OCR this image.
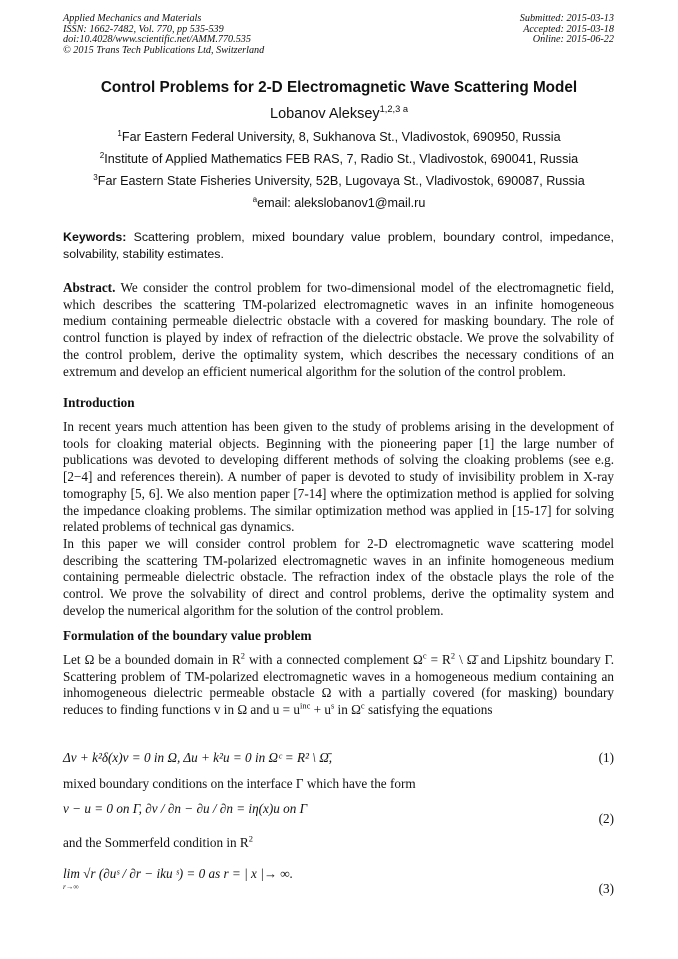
Applied Mechanics and Materials
ISSN: 1662-7482, Vol. 770, pp 535-539
doi:10.4028/www.scientific.net/AMM.770.535
© 2015 Trans Tech Publications Ltd, Switzerland
Submitted: 2015-03-13
Accepted: 2015-03-18
Online: 2015-06-22
Control Problems for 2-D Electromagnetic Wave Scattering Model
Lobanov Aleksey$^{1,2,3 a}$
$^1$Far Eastern Federal University, 8, Sukhanova St., Vladivostok, 690950, Russia
$^2$Institute of Applied Mathematics FEB RAS, 7, Radio St., Vladivostok, 690041, Russia
$^3$Far Eastern State Fisheries University, 52B, Lugovaya St., Vladivostok, 690087, Russia
$^a$email: alekslobanov1@mail.ru
Keywords: Scattering problem, mixed boundary value problem, boundary control, impedance, solvability, stability estimates.
Abstract. We consider the control problem for two-dimensional model of the electromagnetic field, which describes the scattering TM-polarized electromagnetic waves in an infinite homogeneous medium containing permeable dielectric obstacle with a covered for masking boundary. The role of control function is played by index of refraction of the dielectric obstacle. We prove the solvability of the control problem, derive the optimality system, which describes the necessary conditions of an extremum and develop an efficient numerical algorithm for the solution of the control problem.
Introduction
In recent years much attention has been given to the study of problems arising in the development of tools for cloaking material objects. Beginning with the pioneering paper [1] the large number of publications was devoted to developing different methods of solving the cloaking problems (see e.g. [2−4] and references therein). A number of paper is devoted to study of invisibility problem in X-ray tomography [5, 6]. We also mention paper [7-14] where the optimization method is applied for solving the impedance cloaking problems. The similar optimization method was applied in [15-17] for solving related problems of technical gas dynamics.
In this paper we will consider control problem for 2-D electromagnetic wave scattering model describing the scattering TM-polarized electromagnetic waves in an infinite homogeneous medium containing permeable dielectric obstacle. The refraction index of the obstacle plays the role of the control. We prove the solvability of direct and control problems, derive the optimality system and develop the numerical algorithm for the solution of the control problem.
Formulation of the boundary value problem
Let Ω be a bounded domain in $R^2$ with a connected complement $\Omega^c = R^2$ \ Ω̄ and Lipshitz boundary Γ. Scattering problem of TM-polarized electromagnetic waves in a homogeneous medium containing an inhomogeneous dielectric permeable obstacle Ω with a partially covered (for masking) boundary reduces to finding functions v in Ω and $u = u^{inc} + u^s$ in $\Omega^c$ satisfying the equations
Δv + k²δ(x)v = 0 in Ω, Δu + k²u = 0 in Ωᶜ = R² \ Ω̄,	(1)
mixed boundary conditions on the interface Γ which have the form
v − u = 0 on Γ, ∂v / ∂n − ∂u / ∂n = iη(x)u on Γ
(2)
and the Sommerfeld condition in $R^2$
lim
r→∞
√r (∂uˢ / ∂r − iku ˢ) = 0 as r = | x |→ ∞.
(3)
